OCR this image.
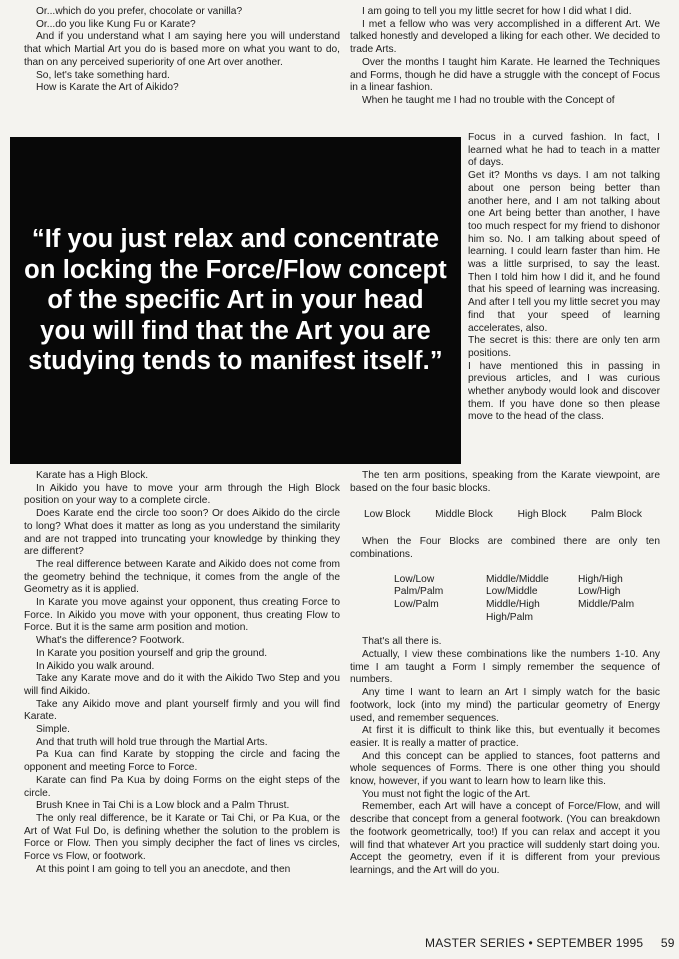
Or...which do you prefer, chocolate or vanilla?

Or...do you like Kung Fu or Karate?

And if you understand what I am saying here you will understand that which Martial Art you do is based more on what you want to do, than on any perceived superiority of one Art over another.

So, let's take something hard.

How is Karate the Art of Aikido?

I am going to tell you my little secret for how I did what I did.

I met a fellow who was very accomplished in a different Art. We talked honestly and developed a liking for each other. We decided to trade Arts.

Over the months I taught him Karate. He learned the Techniques and Forms, though he did have a struggle with the concept of Focus in a linear fashion.

When he taught me I had no trouble with the Concept of

“If you just relax and concentrate on locking the Force/Flow concept of the specific Art in your head you will find that the Art you are studying tends to manifest itself.”

Focus in a curved fashion. In fact, I learned what he had to teach in a matter of days.

Get it? Months vs days. I am not talking about one person being better than another here, and I am not talking about one Art being better than another, I have too much respect for my friend to dishonor him so. No. I am talking about speed of learning. I could learn faster than him. He was a little surprised, to say the least. Then I told him how I did it, and he found that his speed of learning was increasing. And after I tell you my little secret you may find that your speed of learning accelerates, also.

The secret is this: there are only ten arm positions.

I have mentioned this in passing in previous articles, and I was curious whether anybody would look and discover them. If you have done so then please move to the head of the class.

Karate has a High Block.

In Aikido you have to move your arm through the High Block position on your way to a complete circle.

Does Karate end the circle too soon? Or does Aikido do the circle to long? What does it matter as long as you understand the similarity and are not trapped into truncating your knowledge by thinking they are different?

The real difference between Karate and Aikido does not come from the geometry behind the technique, it comes from the angle of the Geometry as it is applied.

In Karate you move against your opponent, thus creating Force to Force. In Aikido you move with your opponent, thus creating Flow to Force. But it is the same arm position and motion.

What's the difference? Footwork.

In Karate you position yourself and grip the ground.

In Aikido you walk around.

Take any Karate move and do it with the Aikido Two Step and you will find Aikido.

Take any Aikido move and plant yourself firmly and you will find Karate.

Simple.

And that truth will hold true through the Martial Arts.

Pa Kua can find Karate by stopping the circle and facing the opponent and meeting Force to Force.

Karate can find Pa Kua by doing Forms on the eight steps of the circle.

Brush Knee in Tai Chi is a Low block and a Palm Thrust.

The only real difference, be it Karate or Tai Chi, or Pa Kua, or the Art of Wat Ful Do, is defining whether the solution to the problem is Force or Flow. Then you simply decipher the fact of lines vs circles, Force vs Flow, or footwork.

At this point I am going to tell you an anecdote, and then

The ten arm positions, speaking from the Karate viewpoint, are based on the four basic blocks.

Low Block Middle Block High Block Palm Block

When the Four Blocks are combined there are only ten combinations.

Low/Low	Middle/Middle	High/High
Palm/Palm	Low/Middle	Low/High
Low/Palm	Middle/High	Middle/Palm
High/Palm

That's all there is.

Actually, I view these combinations like the numbers 1-10. Any time I am taught a Form I simply remember the sequence of numbers.

Any time I want to learn an Art I simply watch for the basic footwork, lock (into my mind) the particular geometry of Energy used, and remember sequences.

At first it is difficult to think like this, but eventually it becomes easier. It is really a matter of practice.

And this concept can be applied to stances, foot patterns and whole sequences of Forms. There is one other thing you should know, however, if you want to learn how to learn like this.

You must not fight the logic of the Art.

Remember, each Art will have a concept of Force/Flow, and will describe that concept from a general footwork. (You can breakdown the footwork geometrically, too!) If you can relax and accept it you will find that whatever Art you practice will suddenly start doing you. Accept the geometry, even if it is different from your previous learnings, and the Art will do you.

MASTER SERIES • SEPTEMBER 1995 59
